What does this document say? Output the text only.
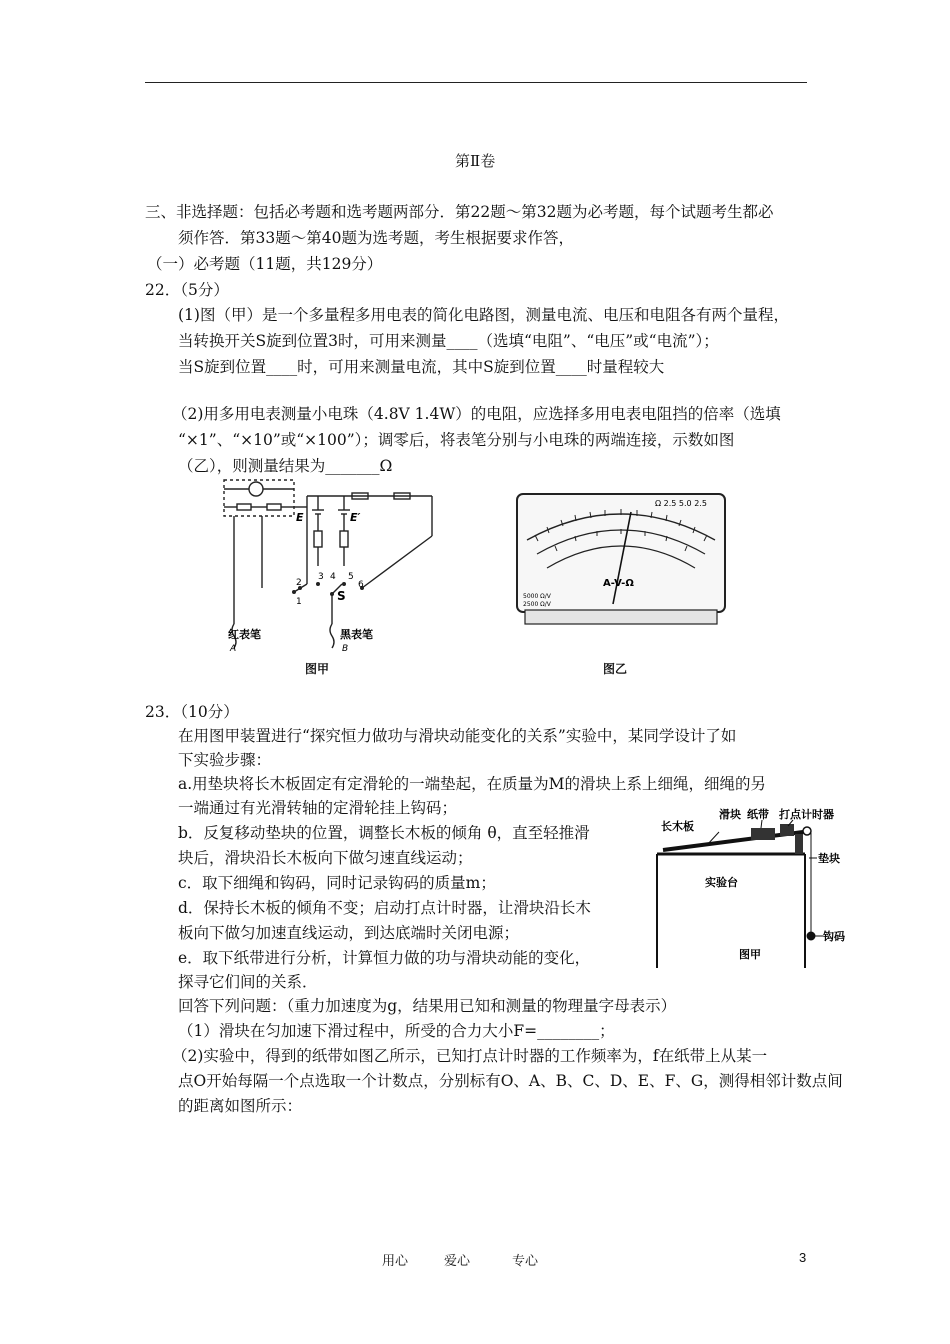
第Ⅱ卷
三、非选择题：包括必考题和选考题两部分．第22题～第32题为必考题，每个试题考生都必
须作答．第33题～第40题为选考题，考生根据要求作答，
（一）必考题（11题，共129分）
22．（5分）
(1)图（甲）是一个多量程多用电表的简化电路图，测量电流、电压和电阻各有两个量程，
当转换开关S旋到位置3时，可用来测量____（选填“电阻”、“电压”或“电流”）；
当S旋到位置____时，可用来测量电流，其中S旋到位置____时量程较大
（2)用多用电表测量小电珠（4.8V 1.4W）的电阻，应选择多用电表电阻挡的倍率（选填
“×1”、“×10”或“×100”）；调零后，将表笔分别与小电珠的两端连接，示数如图
（乙），则测量结果为_______Ω
E	E′
2
3 4 5
6
1	S
红表笔
A
黑表笔
B
图甲
Ω 2.5 5.0 2.5
A-V-Ω
5000 Ω/V
2500 Ω/V
图乙
23．（10分）
在用图甲装置进行“探究恒力做功与滑块动能变化的关系”实验中，某同学设计了如
下实验步骤：
a.用垫块将长木板固定有定滑轮的一端垫起，在质量为M的滑块上系上细绳，细绳的另
一端通过有光滑转轴的定滑轮挂上钩码；
b．反复移动垫块的位置，调整长木板的倾角 θ，直至轻推滑
块后，滑块沿长木板向下做匀速直线运动；
c．取下细绳和钩码，同时记录钩码的质量m；
d．保持长木板的倾角不变；启动打点计时器，让滑块沿长木
板向下做匀加速直线运动，到达底端时关闭电源；
e．取下纸带进行分析，计算恒力做的功与滑块动能的变化，
探寻它们间的关系．
回答下列问题：（重力加速度为g，结果用已知和测量的物理量字母表示）
（1）滑块在匀加速下滑过程中，所受的合力大小F=________；
（2)实验中，得到的纸带如图乙所示，已知打点计时器的工作频率为，f在纸带上从某一
点O开始每隔一个点选取一个计数点，分别标有O、A、B、C、D、E、F、G，测得相邻计数点间
的距离如图所示：
长木板
滑块 纸带 打点计时器
垫块
实验台
钩码
图甲
用心	爱心	专心	3
